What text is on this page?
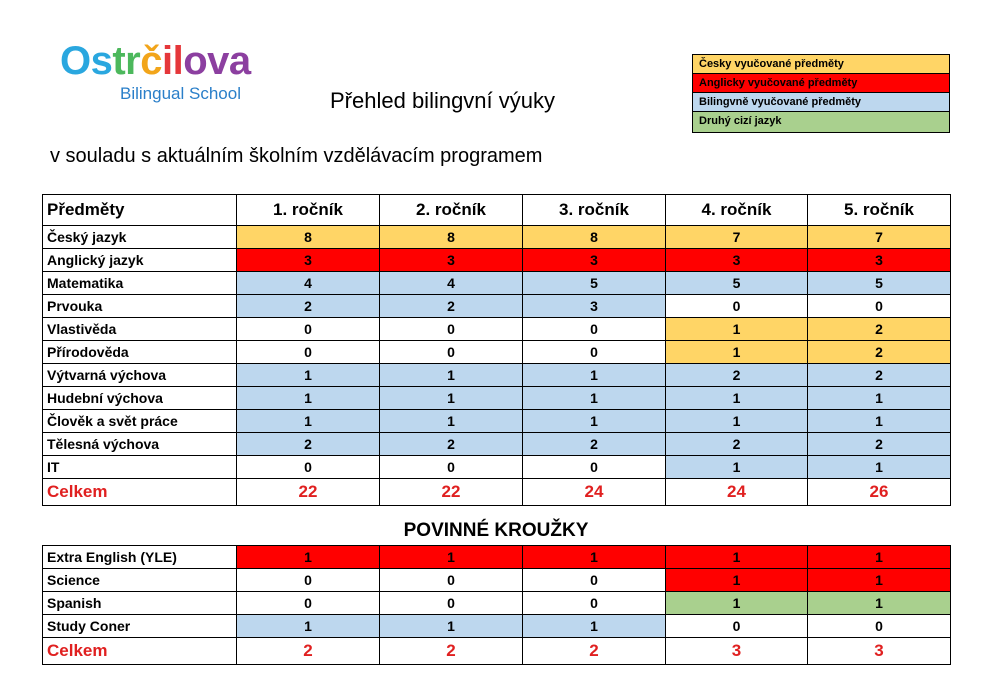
Ostrčilova
Bilingual School	Přehled bilingvní výuky
v souladu s aktuálním školním vzdělávacím programem
Česky vyučované předměty
Anglicky vyučované předměty
Bilingvně vyučované předměty
Druhý cizí jazyk
Předměty	1. ročník	2. ročník	3. ročník	4. ročník	5. ročník
Český jazyk	8	8	8	7	7
Anglický jazyk	3	3	3	3	3
Matematika	4	4	5	5	5
Prvouka	2	2	3	0	0
Vlastivěda	0	0	0	1	2
Přírodověda	0	0	0	1	2
Výtvarná výchova	1	1	1	2	2
Hudební výchova	1	1	1	1	1
Člověk a svět práce	1	1	1	1	1
Tělesná výchova	2	2	2	2	2
IT	0	0	0	1	1
Celkem	22	22	24	24	26
POVINNÉ KROUŽKY
Extra English (YLE)	1	1	1	1	1
Science	0	0	0	1	1
Spanish	0	0	0	1	1
Study Coner	1	1	1	0	0
Celkem	2	2	2	3	3
